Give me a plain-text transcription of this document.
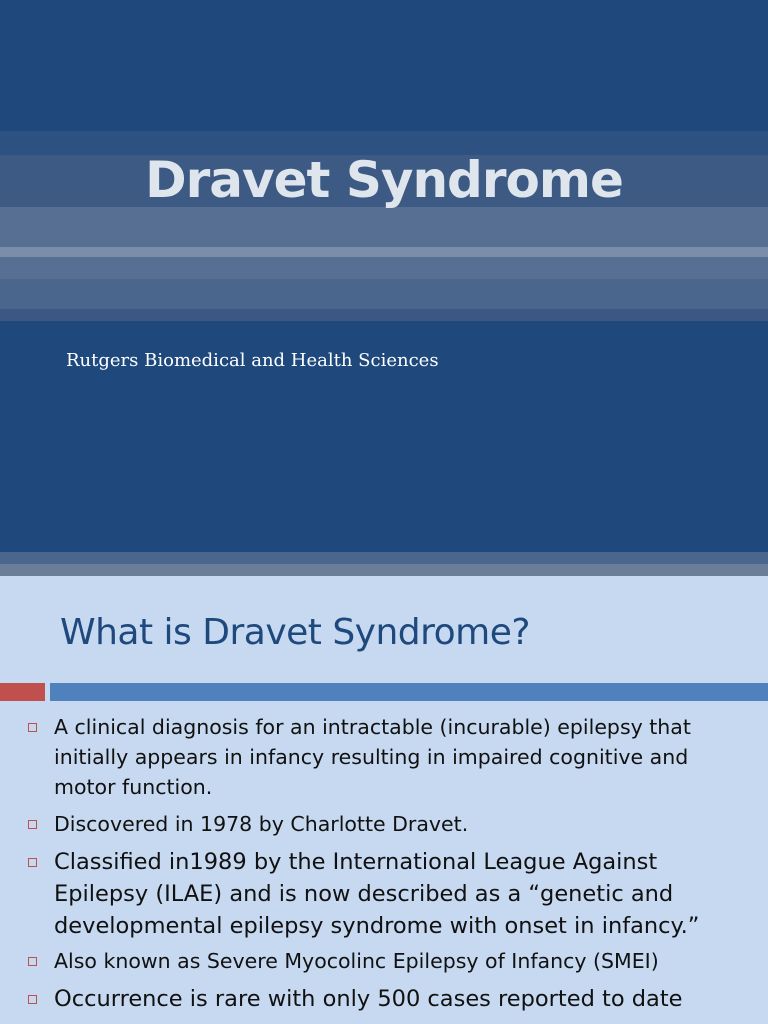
Dravet Syndrome
Rutgers Biomedical and Health Sciences
What is Dravet Syndrome?
A clinical diagnosis for an intractable (incurable) epilepsy that initially appears in infancy resulting in impaired cognitive and motor function.
Discovered in 1978 by Charlotte Dravet.
Classified in1989 by the International League Against Epilepsy (ILAE) and is now described as a “genetic and developmental epilepsy syndrome with onset in infancy.”
Also known as Severe Myocolinc Epilepsy of Infancy (SMEI)
Occurrence is rare with only 500 cases reported to date
